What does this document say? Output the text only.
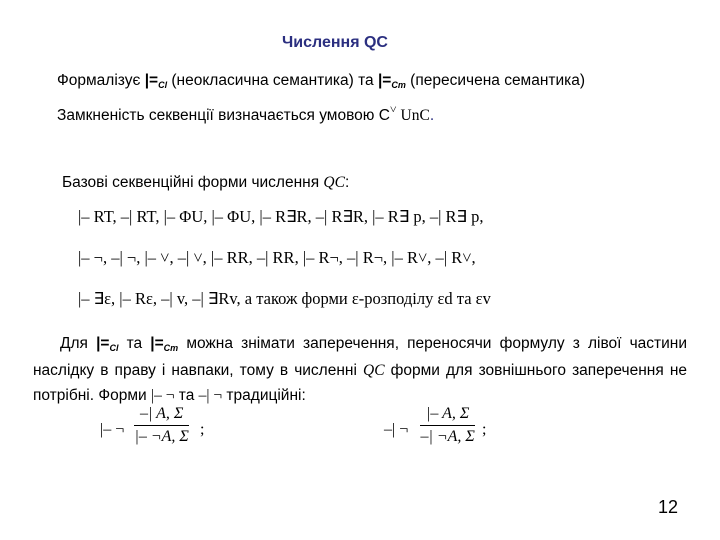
Числення QC
Формалізує |=Cl (неокласична семантика) та |=Cm (пересичена семантика)
Замкненість секвенції визначається умовою C˅ UnC.
Базові секвенційні форми числення QC:
|– RT, –| RT, |– ΦU, |– ΦU, |– R∃R, –| R∃R, |– R∃ p, –| R∃ p,
|– ¬, –| ¬, |– ˅, –| ˅, |– RR, –| RR, |– R¬, –| R¬, |– R˅, –| R˅,
|– ∃ε, |– Rε, –| v, –| ∃Rv, а також форми ε-розподілу εd та εv
Для |=Cl та |=Cm можна знімати заперечення, переносячи формулу з лівої частини наслідку в праву і навпаки, тому в численні QC форми для зовнішнього заперечення не потрібні. Форми |– ¬ та –| ¬ традиційні:
|– ¬ $\frac{-| A, \Sigma}{|- \neg A, \Sigma}$ ;	–| ¬ $\frac{|- A, \Sigma}{-| \neg A, \Sigma}$ ;
12
